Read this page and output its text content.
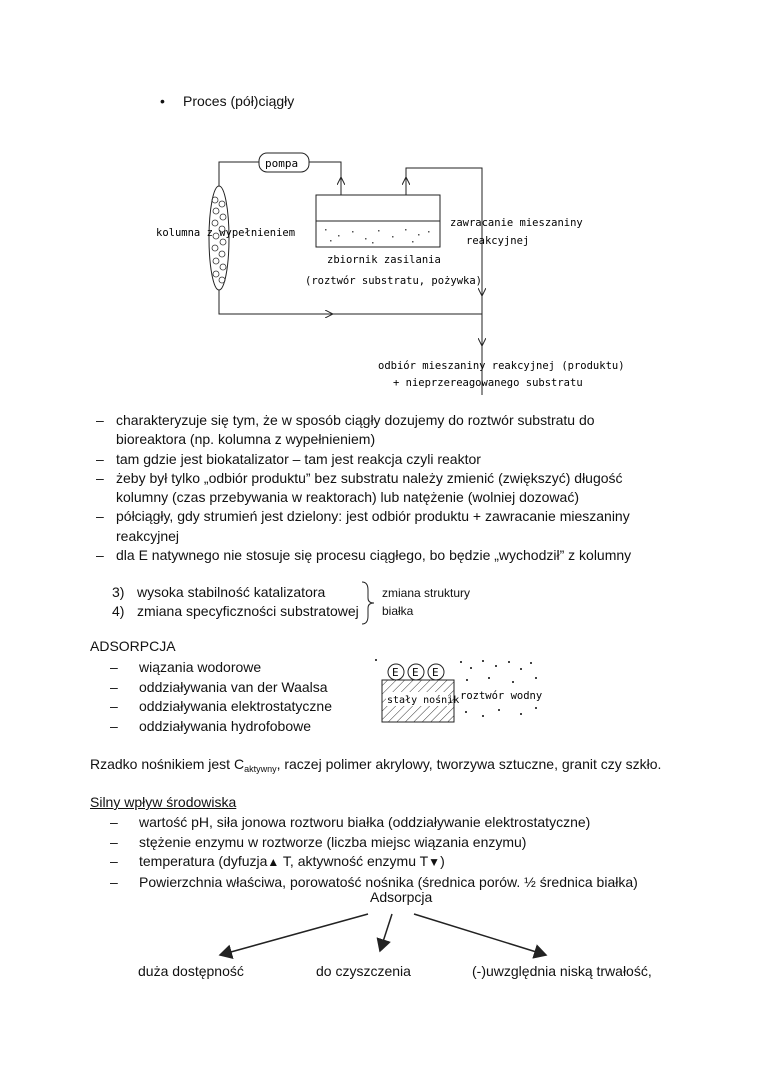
• Proces (pół)ciągły
pompa
kolumna z wypełnieniem
zbiornik zasilania
(roztwór substratu, pożywka)
zawracanie mieszaniny
reakcyjnej
odbiór mieszaniny reakcyjnej (produktu)
+ nieprzereagowanego substratu
– charakteryzuje się tym, że w sposób ciągły dozujemy do roztwór substratu do
bioreaktora (np. kolumna z wypełnieniem)
– tam gdzie jest biokatalizator – tam jest reakcja czyli reaktor
– żeby był tylko „odbiór produktu” bez substratu należy zmienić (zwiększyć) długość
kolumny (czas przebywania w reaktorach) lub natężenie (wolniej dozować)
– półciągły, gdy strumień jest dzielony: jest odbiór produktu + zawracanie mieszaniny
reakcyjnej
– dla E natywnego nie stosuje się procesu ciągłego, bo będzie „wychodził” z kolumny
3) wysoka stabilność katalizatora
4) zmiana specyficzności substratowej
zmiana struktury
białka
ADSORPCJA
– wiązania wodorowe
– oddziaływania van der Waalsa
– oddziaływania elektrostatyczne
– oddziaływania hydrofobowe
E E E
stały nośnik roztwór wodny
Rzadko nośnikiem jest $C_{aktywny}$, raczej polimer akrylowy, tworzywa sztuczne, granit czy szkło.
Silny wpływ środowiska
– wartość pH, siła jonowa roztworu białka (oddziaływanie elektrostatyczne)
– stężenie enzymu w roztworze (liczba miejsc wiązania enzymu)
– temperatura (dyfuzja▲ T, aktywność enzymu T▼)
– Powierzchnia właściwa, porowatość nośnika (średnica porów. ½ średnica białka)
Adsorpcja
duża dostępność	do czyszczenia	(-)uwzględnia niską trwałość,
